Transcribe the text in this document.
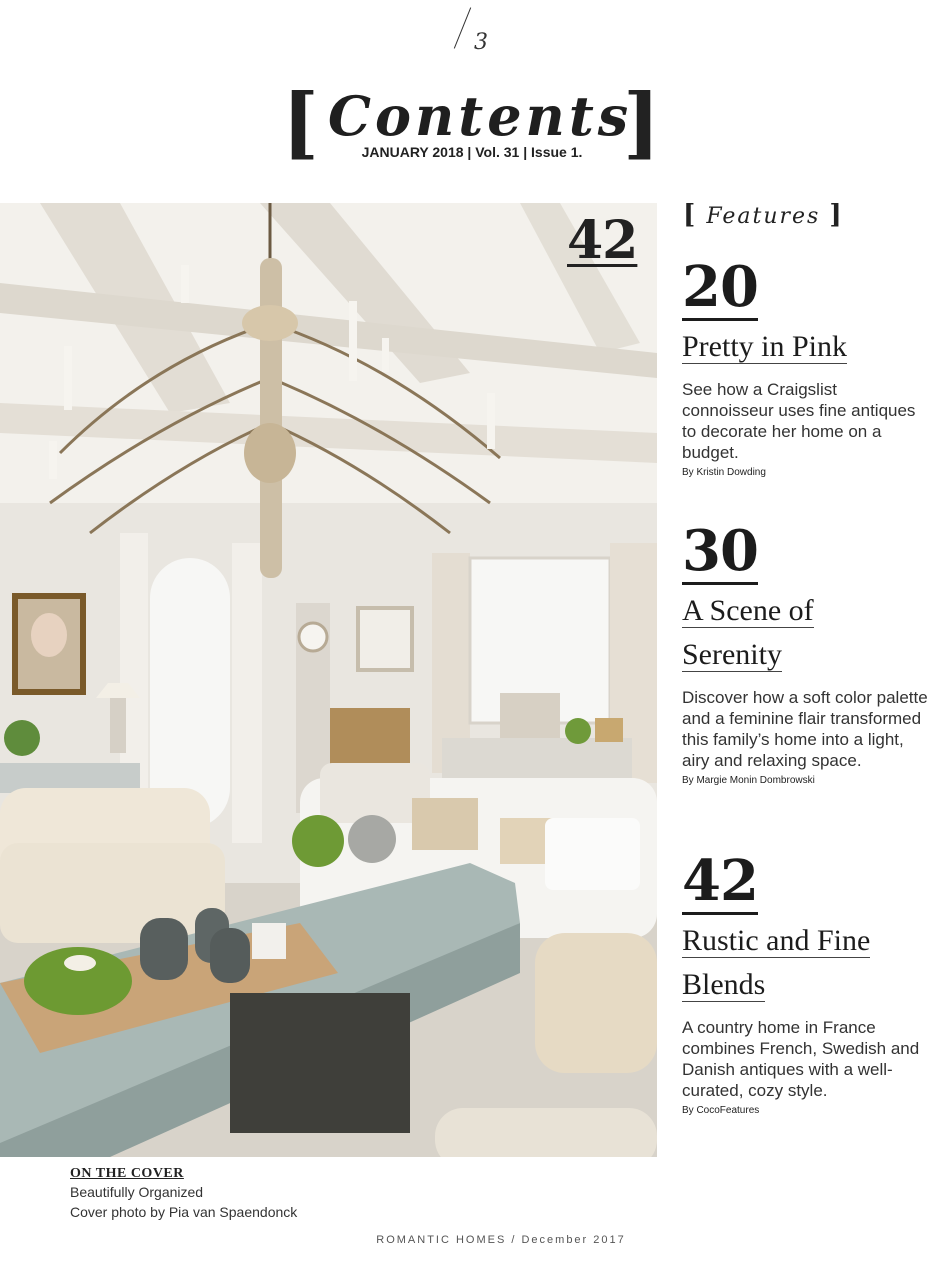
3
[ Contents
]
JANUARY 2018 | Vol. 31 | Issue 1.
42 [ Features ]
20
Pretty in Pink
See how a Craigslist connoisseur uses fine antiques to decorate her home on a budget.
By Kristin Dowding
30
A Scene of Serenity
Discover how a soft color palette and a feminine flair transformed this family’s home into a light, airy and relaxing space.
By Margie Monin Dombrowski
42
Rustic and Fine Blends
A country home in France combines French, Swedish and Danish antiques with a well-curated, cozy style.
By CocoFeatures
ON THE COVER
Beautifully Organized
Cover photo by Pia van Spaendonck
ROMANTIC HOMES / December 2017
